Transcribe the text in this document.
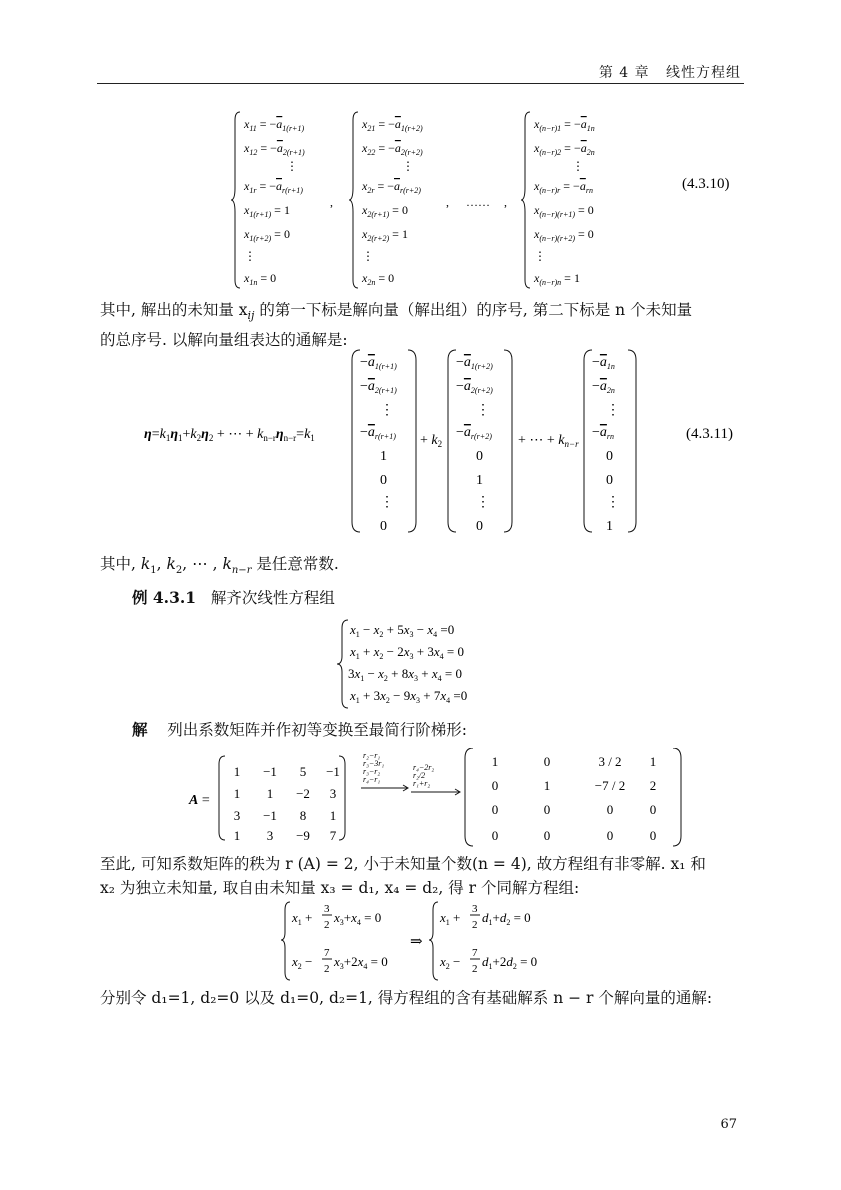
第 4 章 线性方程组
$x_{11} = -a_{1(r+1)}$
$x_{12} = -a_{2(r+1)}$
⋮
$x_{1r} = -a_{r(r+1)}$
$x_{1(r+1)} = 1$
$x_{1(r+2)} = 0$
⋮
$x_{1n} = 0$
,
$x_{21} = -a_{1(r+2)}$
$x_{22} = -a_{2(r+2)}$
⋮
$x_{2r} = -a_{r(r+2)}$
$x_{2(r+1)} = 0$
$x_{2(r+2)} = 1$
⋮
$x_{2n} = 0$
, …… ,
$x_{(n-r)1} = -a_{1n}$
$x_{(n-r)2} = -a_{2n}$
⋮
$x_{(n-r)r} = -a_{rn}$
$x_{(n-r)(r+1)} = 0$
$x_{(n-r)(r+2)} = 0$
⋮
$x_{(n-r)n} = 1$
(4.3.10)
其中, 解出的未知量 $x_{ij}$ 的第一下标是解向量（解出组）的序号, 第二下标是 n 个未知量
的总序号. 以解向量组表达的通解是:
$\eta=k_1\eta_1+k_2\eta_2$ + ⋯ + $k_{n-r}\eta_{n-r}=k_1$
$-a_{1(r+1)}$
$-a_{2(r+1)}$
⋮
$-a_{r(r+1)}$
1
0
⋮
0
+ $k_2$
$-a_{1(r+2)}$
$-a_{2(r+2)}$
⋮
$-a_{r(r+2)}$
0
1
⋮
0
+ ⋯ + $k_{n-r}$
$-a_{1n}$
$-a_{2n}$
⋮
$-a_{rn}$
0
0
⋮
1
(4.3.11)
其中, $k_1$, $k_2$, ⋯ , $k_{n-r}$ 是任意常数.
例 4.3.1 解齐次线性方程组
$x_1 - x_2 + 5x_3 - x_4 =0$
$x_1 + x_2 - 2x_3 + 3x_4 = 0$
$3x_1 - x_2 + 8x_3 + x_4 = 0$
$x_1 + 3x_2 - 9x_3 + 7x_4 =0$
解 列出系数矩阵并作初等变换至最简行阶梯形:
A =
1 −1 5 −1
1 1 −2 3
3 −1 8 1
1 3 −9 7
r₂−r₁
r₃−3r₁
r₃−r₂
r₄−r₁
r₄−2r₂
r₂/2
r₁+r₂
1	0	3 / 2 1
0	1	−7 / 2 2
0	0	0	0
0	0	0	0
至此, 可知系数矩阵的秩为 r (A) = 2, 小于未知量个数(n = 4), 故方程组有非零解. x₁ 和
x₂ 为独立未知量, 取自由未知量 x₃ = d₁, x₄ = d₂, 得 r 个同解方程组:
$x_1$ +
3
2 $x_3+x_4 = 0$
$x_2$ −
7
2 $x_3+2x_4 = 0$
⇒
$x_1$ +
3
2 $d_1+d_2 = 0$
$x_2$ −
7
2 $d_1+2d_2 = 0$
分别令 d₁=1, d₂=0 以及 d₁=0, d₂=1, 得方程组的含有基础解系 n − r 个解向量的通解:
67
